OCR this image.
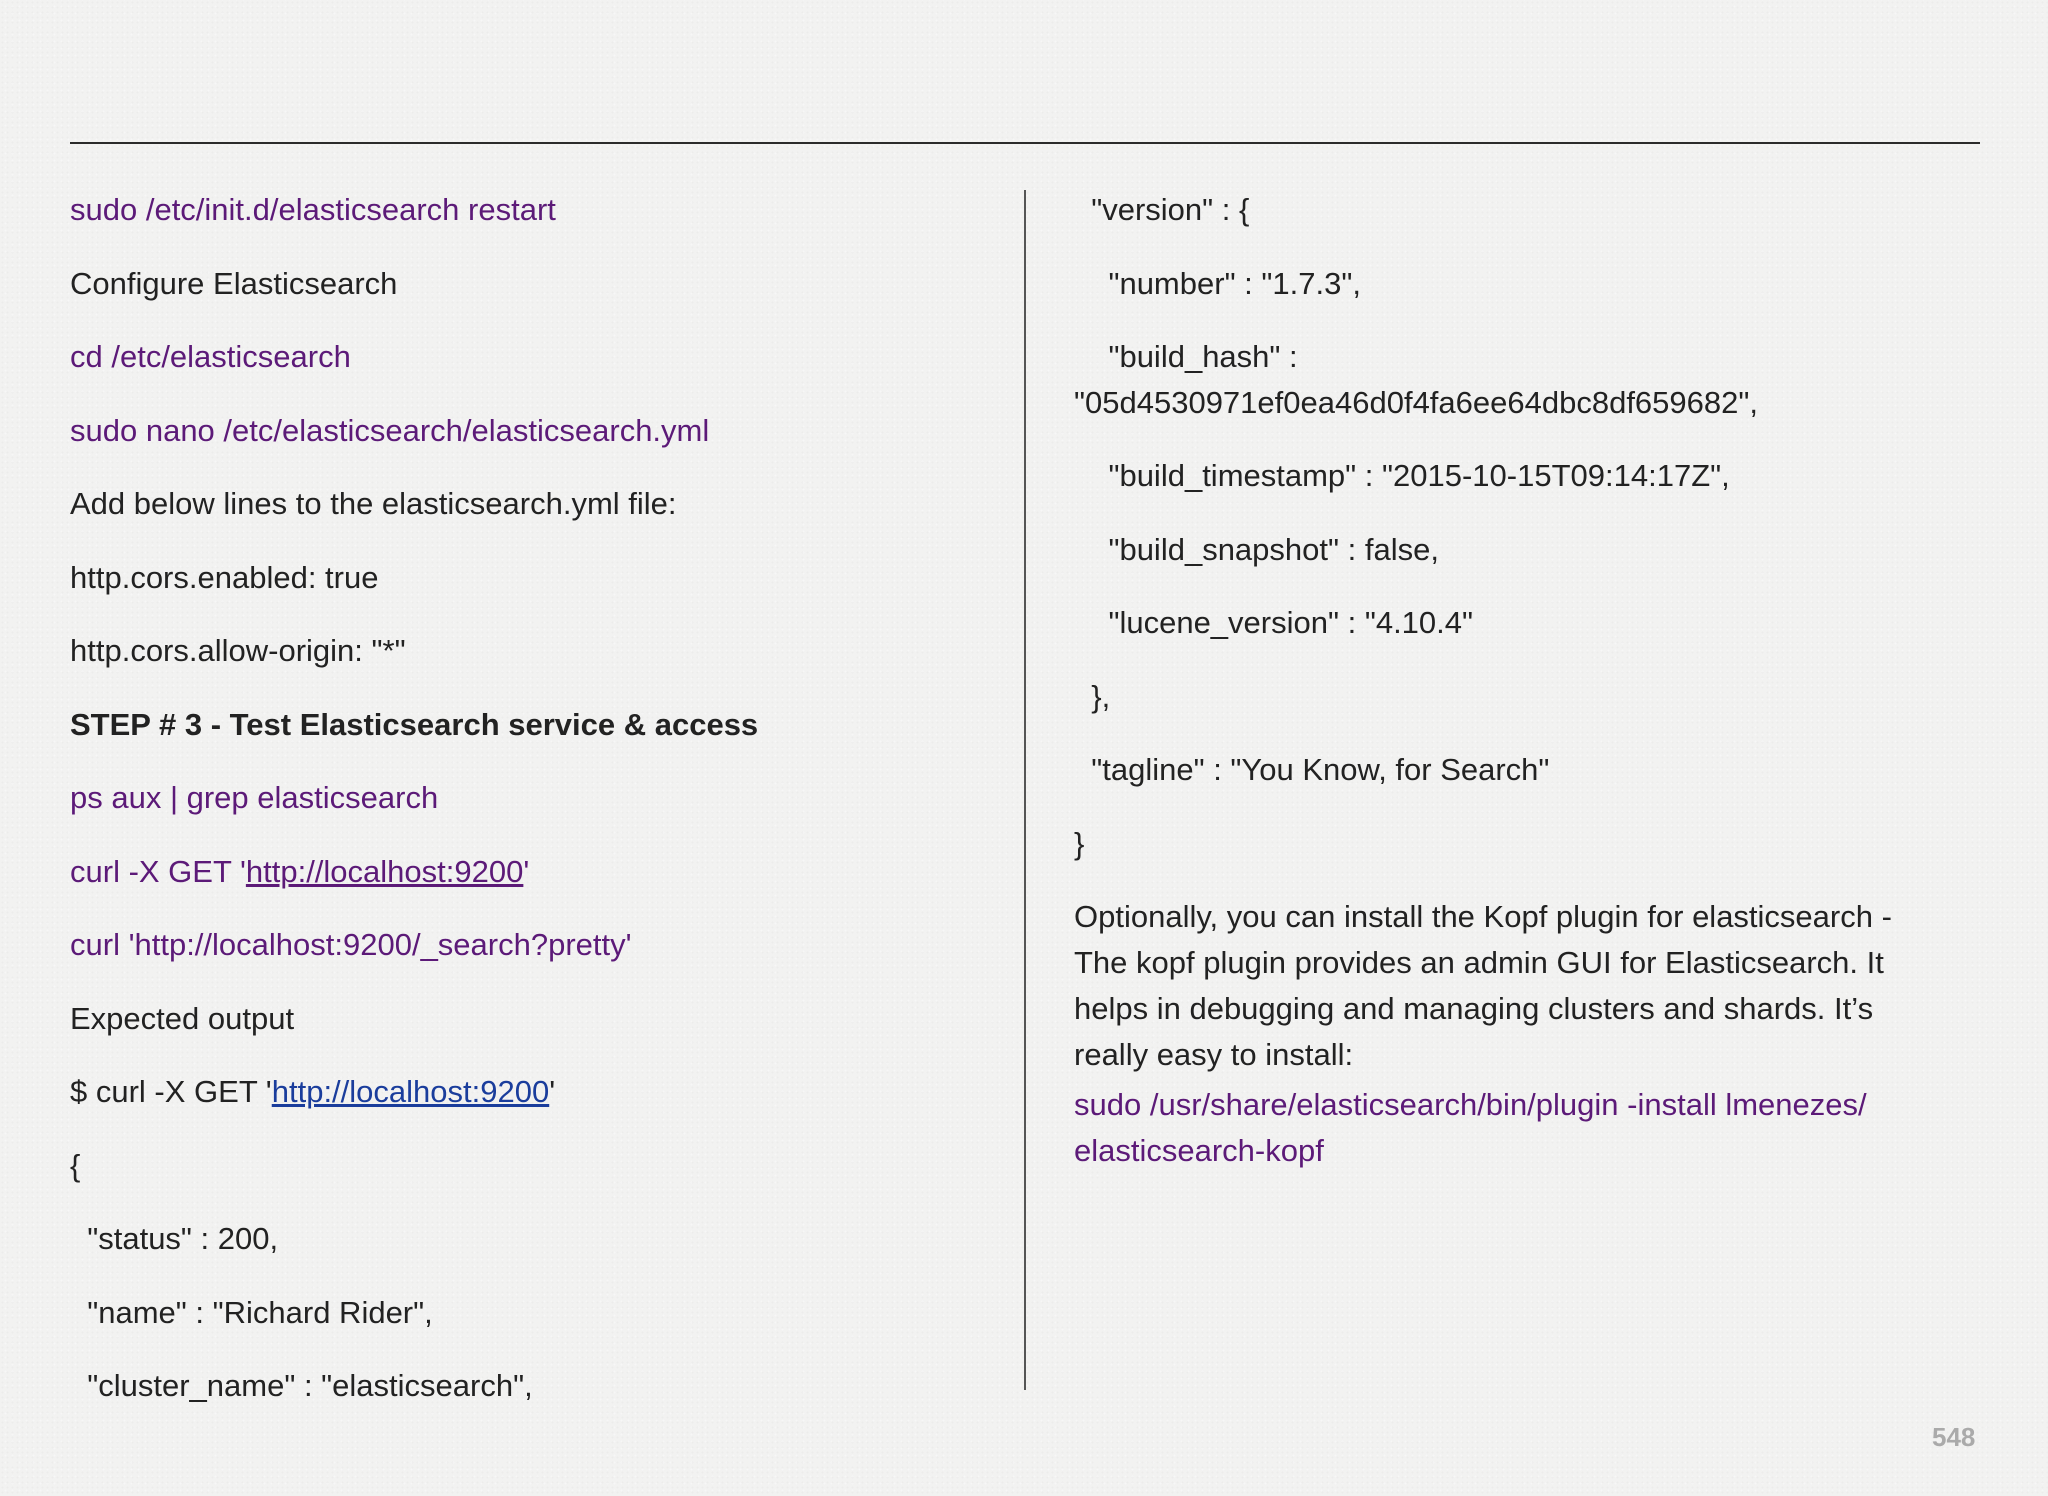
sudo /etc/init.d/elasticsearch restart
Configure Elasticsearch
cd /etc/elasticsearch
sudo nano /etc/elasticsearch/elasticsearch.yml
Add below lines to the elasticsearch.yml file:
http.cors.enabled: true
http.cors.allow-origin: "*"
STEP # 3 - Test Elasticsearch service & access
ps aux | grep elasticsearch
curl -X GET 'http://localhost:9200'
curl 'http://localhost:9200/_search?pretty'
Expected output
$ curl -X GET 'http://localhost:9200'
{
"status" : 200,
"name" : "Richard Rider",
"cluster_name" : "elasticsearch",
"version" : {
"number" : "1.7.3",
"build_hash" :
"05d4530971ef0ea46d0f4fa6ee64dbc8df659682",
"build_timestamp" : "2015-10-15T09:14:17Z",
"build_snapshot" : false,
"lucene_version" : "4.10.4"
},
"tagline" : "You Know, for Search"
}
Optionally, you can install the Kopf plugin for elasticsearch - The kopf plugin provides an admin GUI for Elasticsearch. It helps in debugging and managing clusters and shards. It’s really easy to install:
sudo /usr/share/elasticsearch/bin/plugin -install lmenezes/ elasticsearch-kopf
548
